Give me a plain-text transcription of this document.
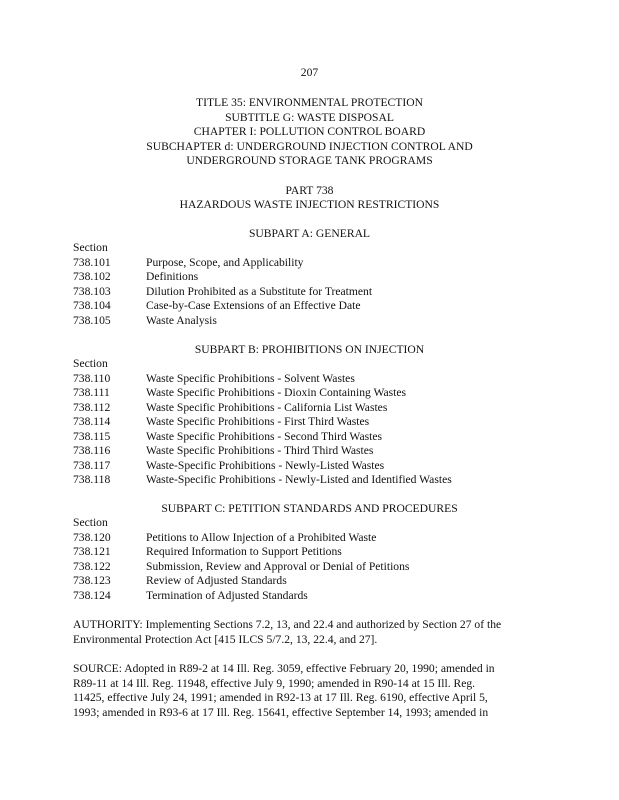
207
TITLE 35: ENVIRONMENTAL PROTECTION
SUBTITLE G: WASTE DISPOSAL
CHAPTER I: POLLUTION CONTROL BOARD
SUBCHAPTER d: UNDERGROUND INJECTION CONTROL AND
UNDERGROUND STORAGE TANK PROGRAMS
PART 738
HAZARDOUS WASTE INJECTION RESTRICTIONS
SUBPART A: GENERAL
Section
738.101	Purpose, Scope, and Applicability
738.102	Definitions
738.103	Dilution Prohibited as a Substitute for Treatment
738.104	Case-by-Case Extensions of an Effective Date
738.105	Waste Analysis
SUBPART B: PROHIBITIONS ON INJECTION
Section
738.110	Waste Specific Prohibitions - Solvent Wastes
738.111	Waste Specific Prohibitions - Dioxin Containing Wastes
738.112	Waste Specific Prohibitions - California List Wastes
738.114	Waste Specific Prohibitions - First Third Wastes
738.115	Waste Specific Prohibitions - Second Third Wastes
738.116	Waste Specific Prohibitions - Third Third Wastes
738.117	Waste-Specific Prohibitions - Newly-Listed Wastes
738.118	Waste-Specific Prohibitions - Newly-Listed and Identified Wastes
SUBPART C: PETITION STANDARDS AND PROCEDURES
Section
738.120	Petitions to Allow Injection of a Prohibited Waste
738.121	Required Information to Support Petitions
738.122	Submission, Review and Approval or Denial of Petitions
738.123	Review of Adjusted Standards
738.124	Termination of Adjusted Standards
AUTHORITY: Implementing Sections 7.2, 13, and 22.4 and authorized by Section 27 of the
Environmental Protection Act [415 ILCS 5/7.2, 13, 22.4, and 27].
SOURCE: Adopted in R89-2 at 14 Ill. Reg. 3059, effective February 20, 1990; amended in
R89-11 at 14 Ill. Reg. 11948, effective July 9, 1990; amended in R90-14 at 15 Ill. Reg.
11425, effective July 24, 1991; amended in R92-13 at 17 Ill. Reg. 6190, effective April 5,
1993; amended in R93-6 at 17 Ill. Reg. 15641, effective September 14, 1993; amended in
